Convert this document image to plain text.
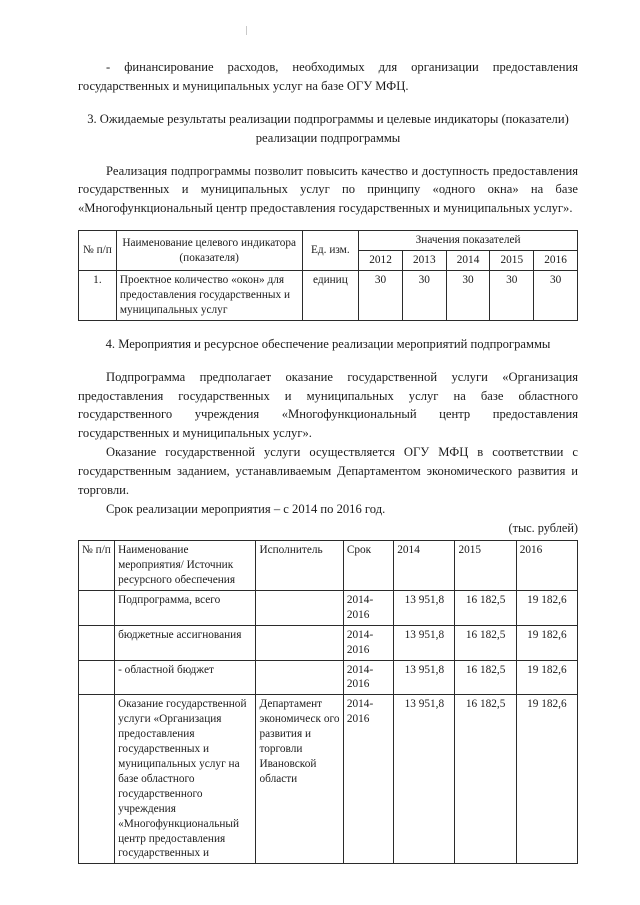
- финансирование расходов, необходимых для организации предоставления государственных и муниципальных услуг на базе ОГУ МФЦ.

3. Ожидаемые результаты реализации подпрограммы и целевые индикаторы (показатели) реализации подпрограммы

Реализация подпрограммы позволит повысить качество и доступность предоставления государственных и муниципальных услуг по принципу «одного окна» на базе «Многофункциональный центр предоставления государственных и муниципальных услуг».

№ п/п	Наименование целевого индикатора (показателя)	Ед. изм.	Значения показателей				
			2012	2013	2014	2015	2016
1.	Проектное количество «окон» для предоставления государственных и муниципальных услуг	единиц	30	30	30	30	30

4. Мероприятия и ресурсное обеспечение реализации мероприятий подпрограммы

Подпрограмма предполагает оказание государственной услуги «Организация предоставления государственных и муниципальных услуг на базе областного государственного учреждения «Многофункциональный центр предоставления государственных и муниципальных услуг».

Оказание государственной услуги осуществляется ОГУ МФЦ в соответствии с государственным заданием, устанавливаемым Департаментом экономического развития и торговли.

Срок реализации мероприятия – с 2014 по 2016 год.

(тыс. рублей)

№ п/п	Наименование мероприятия/ Источник ресурсного обеспечения	Исполнитель	Срок	2014	2015	2016
	Подпрограмма, всего		2014-2016	13 951,8	16 182,5	19 182,6
	бюджетные ассигнования		2014-2016	13 951,8	16 182,5	19 182,6
	- областной бюджет		2014-2016	13 951,8	16 182,5	19 182,6
	Оказание государственной услуги «Организация предоставления государственных и муниципальных услуг на базе областного государственного учреждения «Многофункциональный центр предоставления государственных и	Департамент экономическ ого развития и торговли Ивановской области	2014-2016	13 951,8	16 182,5	19 182,6
